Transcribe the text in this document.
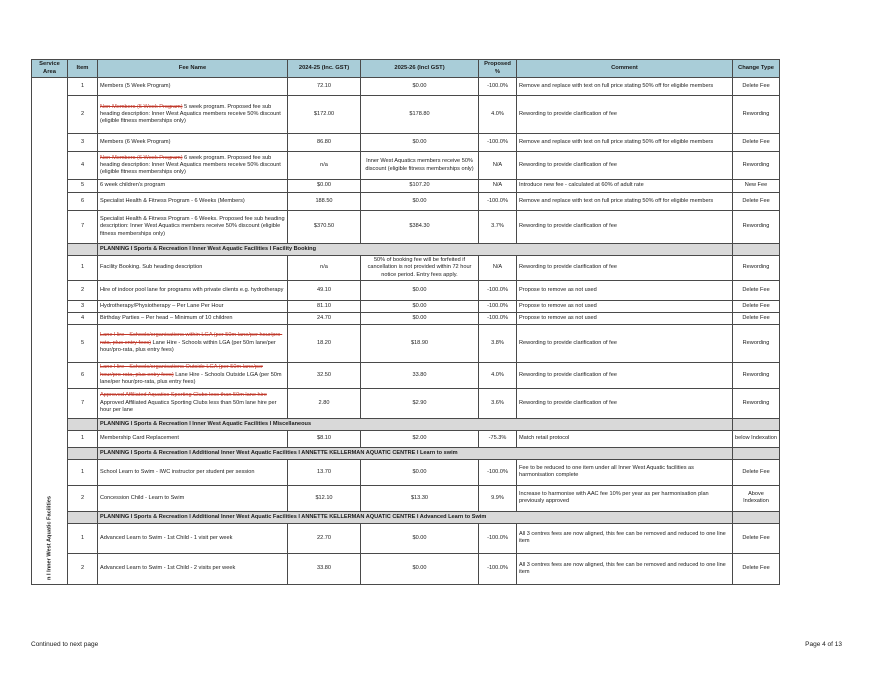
Service Area	Item	Fee Name	2024-25 (Inc. GST)	2025-26 (Incl GST)	Proposed %	Comment	Change Type

n I Inner West Aquatic Facilities	1	Members (5 Week Program)	72.10	$0.00	-100.0%	Remove and replace with text on full price stating 50% off for eligible members	Delete Fee
	2	Non-Members (5 Week Program) 5 week program. Proposed fee sub heading description: Inner West Aquatics members receive 50% discount (eligible fitness memberships only)	$172.00	$178.80	4.0%	Rewording to provide clarification of fee	Rewording
	3	Members (6 Week Program)	86.80	$0.00	-100.0%	Remove and replace with text on full price stating 50% off for eligible members	Delete Fee
	4	Non-Members (6 Week Program) 6 week program. Proposed fee sub heading description: Inner West Aquatics members receive 50% discount (eligible fitness memberships only)	n/a	Inner West Aquatics members receive 50% discount (eligible fitness memberships only)	N/A	Rewording to provide clarification of fee	Rewording
	5	6 week children's program	$0.00	$107.20	N/A	Introduce new fee - calculated at 60% of adult rate	New Fee
	6	Specialist Health & Fitness Program - 6 Weeks (Members)	188.50	$0.00	-100.0%	Remove and replace with text on full price stating 50% off for eligible members	Delete Fee
	7	Specialist Health & Fitness Program - 6 Weeks. Proposed fee sub heading description: Inner West Aquatics members receive 50% discount (eligible fitness memberships only)	$370.50	$384.30	3.7%	Rewording to provide clarification of fee	Rewording
		PLANNING I Sports & Recreation I Inner West Aquatic Facilities I Facility Booking					
	1	Facility Booking. Sub heading description	n/a	50% of booking fee will be forfeited if cancellation is not provided within 72 hour notice period. Entry fees apply.	N/A	Rewording to provide clarification of fee	Rewording
	2	Hire of indoor pool lane for programs with private clients e.g. hydrotherapy	49.10	$0.00	-100.0%	Propose to remove as not used	Delete Fee
	3	Hydrotherapy/Physiotherapy – Per Lane Per Hour	81.10	$0.00	-100.0%	Propose to remove as not used	Delete Fee
	4	Birthday Parties – Per head – Minimum of 10 children	24.70	$0.00	-100.0%	Propose to remove as not used	Delete Fee
	5	Lane Hire - Schools/organisations within LGA (per 50m lane/per hour/pro-rata, plus entry fees) Lane Hire - Schools within LGA (per 50m lane/per hour/pro-rata, plus entry fees)	18.20	$18.90	3.8%	Rewording to provide clarification of fee	Rewording
	6	Lane Hire - Schools/organisations Outside LGA (per 50m lane/per hour/pro-rata, plus entry fees) Lane Hire - Schools Outside LGA (per 50m lane/per hour/pro-rata, plus entry fees)	32.50	33.80	4.0%	Rewording to provide clarification of fee	Rewording
	7	Approved Affiliated Aquatics Sporting Clubs less than 50m lane hire Approved Affiliated Aquatics Sporting Clubs less than 50m lane hire per hour per lane	2.80	$2.90	3.6%	Rewording to provide clarification of fee	Rewording
		PLANNING I Sports & Recreation I Inner West Aquatic Facilities I Miscellaneous					
	1	Membership Card Replacement	$8.10	$2.00	-75.3%	Match retail protocol	below Indexation
		PLANNING I Sports & Recreation I Additional Inner West Aquatic Facilities I ANNETTE KELLERMAN AQUATIC CENTRE I Learn to swim					
	1	School Learn to Swim - IWC instructor per student per session	13.70	$0.00	-100.0%	Fee to be reduced to one item under all Inner West Aquatic facilities as harmonisation complete	Delete Fee
	2	Concession Child - Learn to Swim	$12.10	$13.30	9.9%	Increase to harmonise with AAC fee 10% per year as per harmonisation plan previously approved	Above Indexation
		PLANNING I Sports & Recreation I Additional Inner West Aquatic Facilities I ANNETTE KELLERMAN AQUATIC CENTRE I Advanced Learn to Swim					
	1	Advanced Learn to Swim - 1st Child - 1 visit per week	22.70	$0.00	-100.0%	All 3 centres fees are now aligned, this fee can be removed and reduced to one line item	Delete Fee
	2	Advanced Learn to Swim - 1st Child - 2 visits per week	33.80	$0.00	-100.0%	All 3 centres fees are now aligned, this fee can be removed and reduced to one line item	Delete Fee
Continued to next page	Page 4 of 13
